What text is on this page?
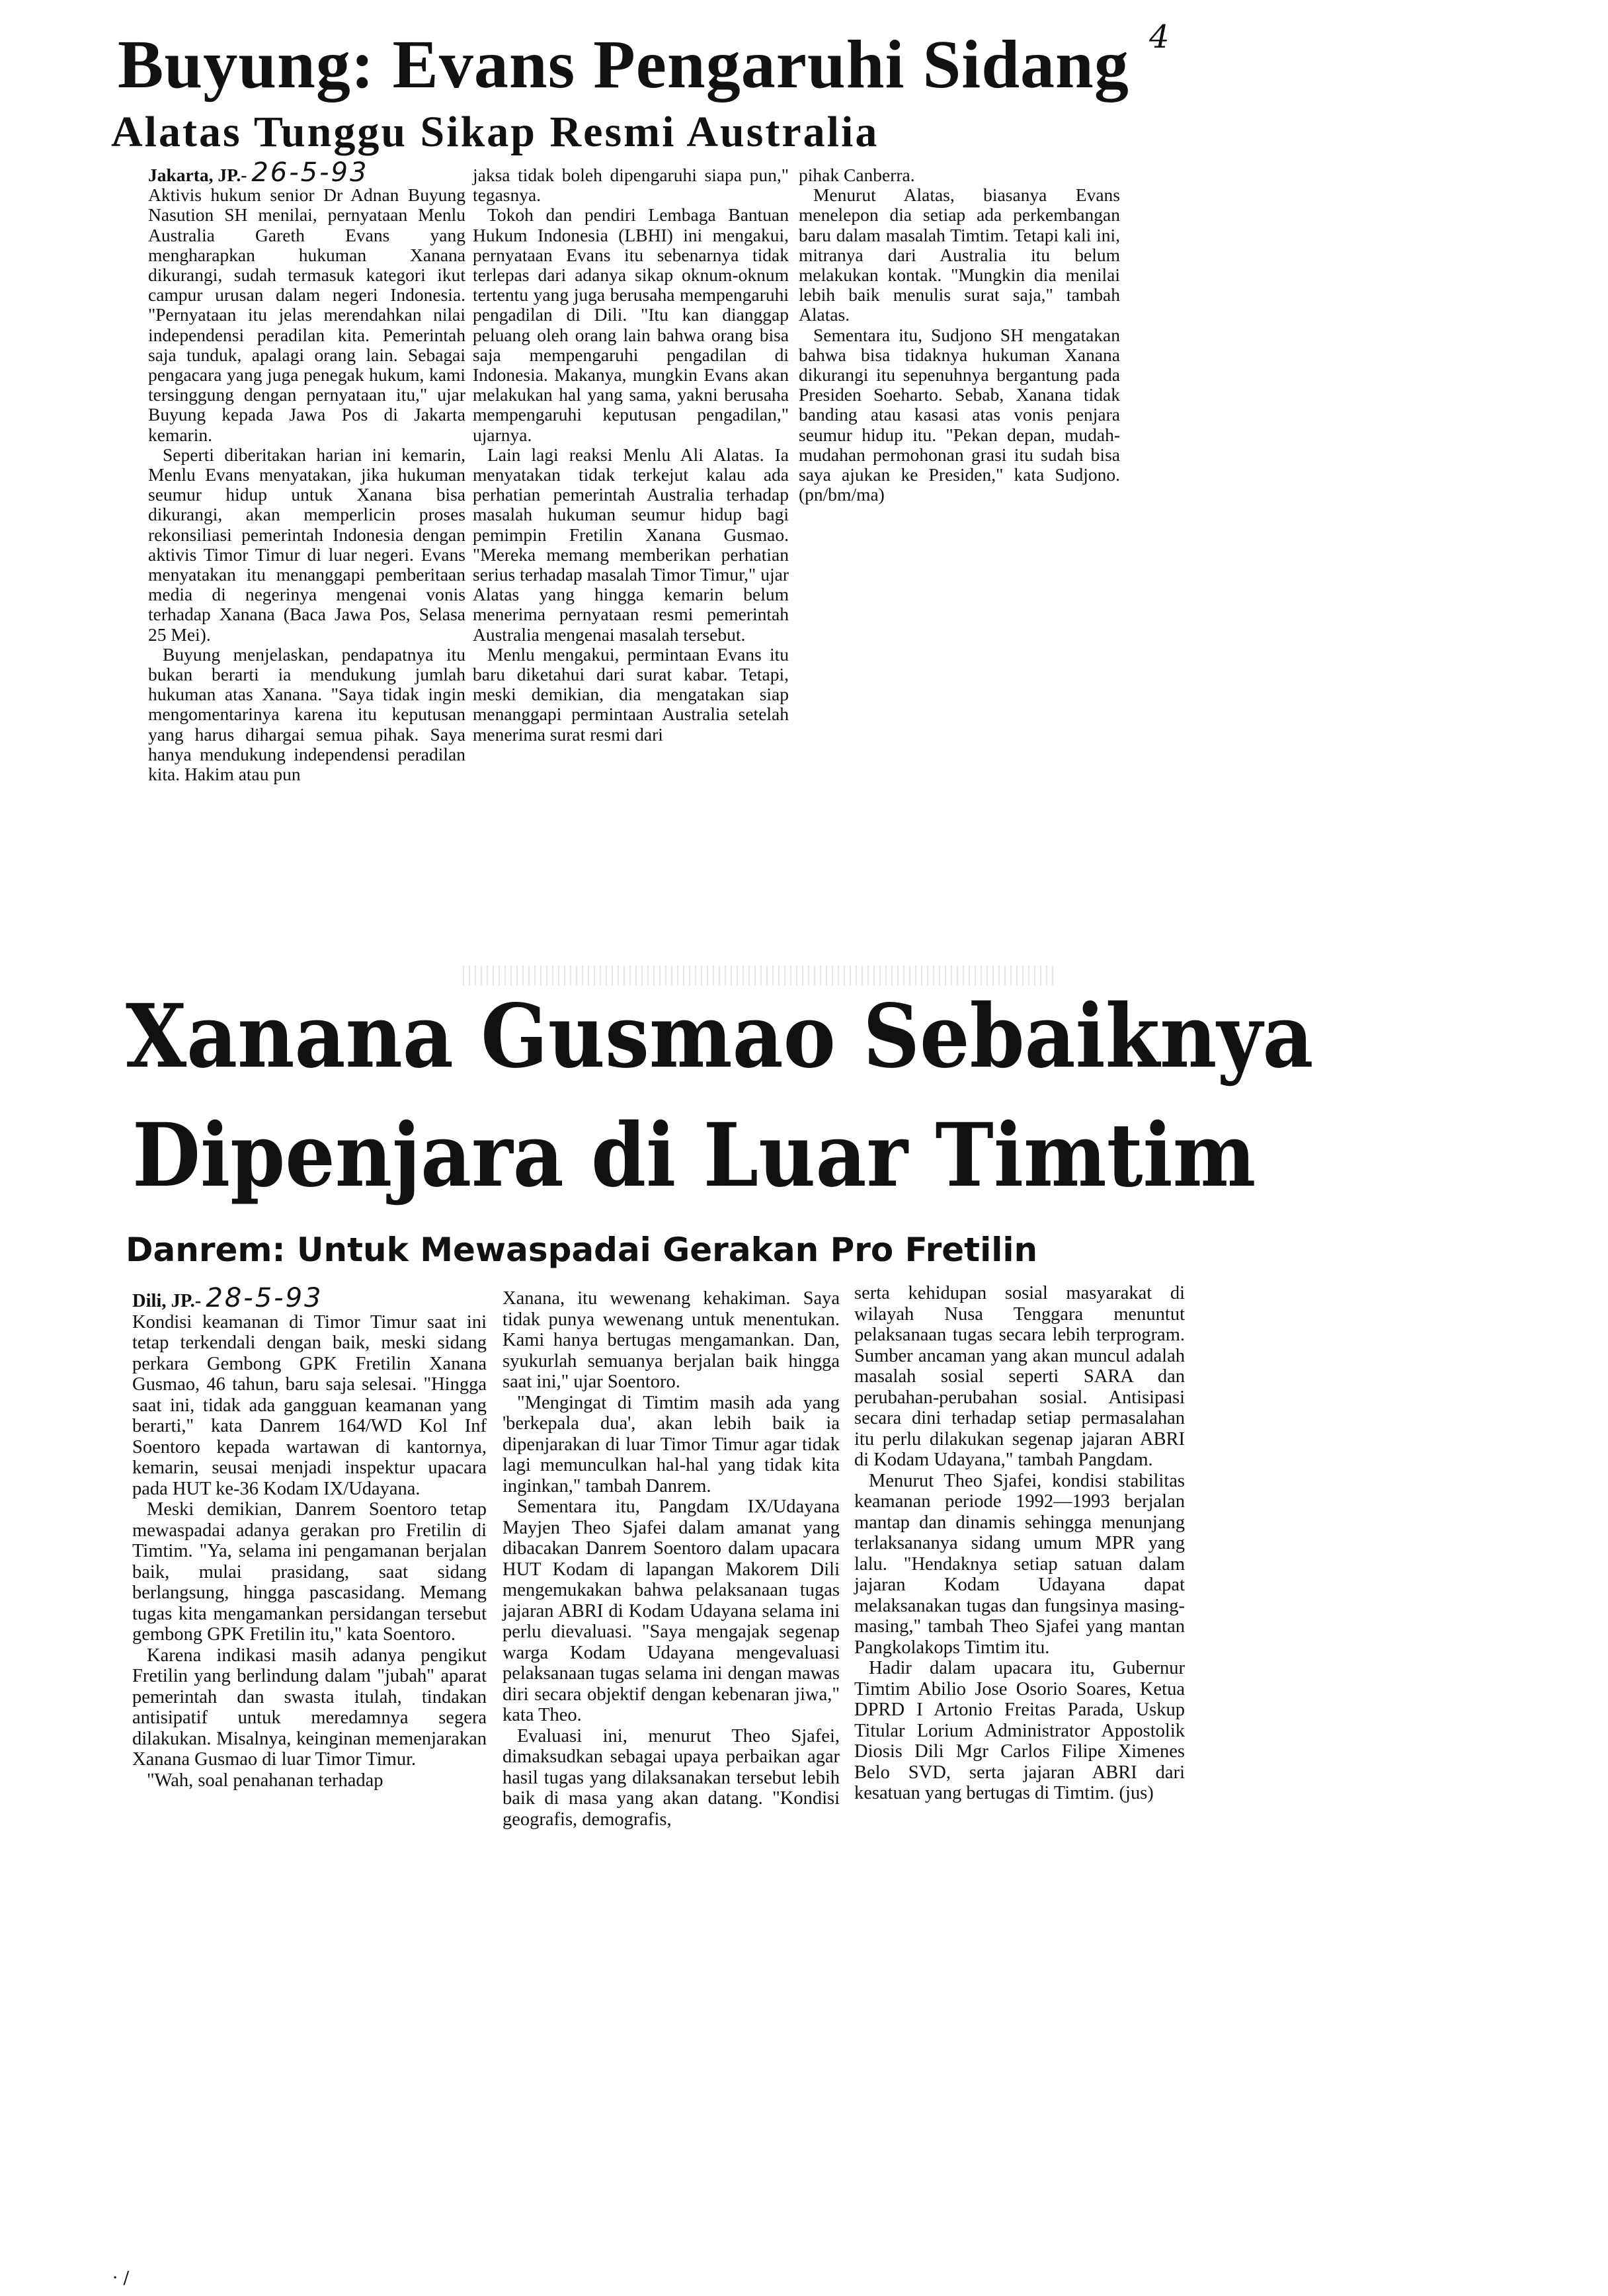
4
Buyung: Evans Pengaruhi Sidang
Alatas Tunggu Sikap Resmi Australia
Jakarta, JP.- 26-5-93

Aktivis hukum senior Dr Adnan Buyung Nasution SH menilai, pernyataan Menlu Australia Gareth Evans yang mengharapkan hukuman Xanana dikurangi, sudah termasuk kategori ikut campur urusan dalam negeri Indonesia. "Pernyataan itu jelas merendahkan nilai independensi peradilan kita. Pemerintah saja tunduk, apalagi orang lain. Sebagai pengacara yang juga penegak hukum, kami tersinggung dengan pernyataan itu," ujar Buyung kepada Jawa Pos di Jakarta kemarin.

Seperti diberitakan harian ini kemarin, Menlu Evans menyatakan, jika hukuman seumur hidup untuk Xanana bisa dikurangi, akan memperlicin proses rekonsiliasi pemerintah Indonesia dengan aktivis Timor Timur di luar negeri. Evans menyatakan itu menanggapi pemberitaan media di negerinya mengenai vonis terhadap Xanana (Baca Jawa Pos, Selasa 25 Mei).

Buyung menjelaskan, pendapatnya itu bukan berarti ia mendukung jumlah hukuman atas Xanana. "Saya tidak ingin mengomentarinya karena itu keputusan yang harus dihargai semua pihak. Saya hanya mendukung independensi peradilan kita. Hakim atau pun

jaksa tidak boleh dipengaruhi siapa pun," tegasnya.

Tokoh dan pendiri Lembaga Bantuan Hukum Indonesia (LBHI) ini mengakui, pernyataan Evans itu sebenarnya tidak terlepas dari adanya sikap oknum-oknum tertentu yang juga berusaha mempengaruhi pengadilan di Dili. "Itu kan dianggap peluang oleh orang lain bahwa orang bisa saja mempengaruhi pengadilan di Indonesia. Makanya, mungkin Evans akan melakukan hal yang sama, yakni berusaha mempengaruhi keputusan pengadilan," ujarnya.

Lain lagi reaksi Menlu Ali Alatas. Ia menyatakan tidak terkejut kalau ada perhatian pemerintah Australia terhadap masalah hukuman seumur hidup bagi pemimpin Fretilin Xanana Gusmao. "Mereka memang memberikan perhatian serius terhadap masalah Timor Timur," ujar Alatas yang hingga kemarin belum menerima pernyataan resmi pemerintah Australia mengenai masalah tersebut.

Menlu mengakui, permintaan Evans itu baru diketahui dari surat kabar. Tetapi, meski demikian, dia mengatakan siap menanggapi permintaan Australia setelah menerima surat resmi dari

pihak Canberra.

Menurut Alatas, biasanya Evans menelepon dia setiap ada perkembangan baru dalam masalah Timtim. Tetapi kali ini, mitranya dari Australia itu belum melakukan kontak. "Mungkin dia menilai lebih baik menulis surat saja," tambah Alatas.

Sementara itu, Sudjono SH mengatakan bahwa bisa tidaknya hukuman Xanana dikurangi itu sepenuhnya bergantung pada Presiden Soeharto. Sebab, Xanana tidak banding atau kasasi atas vonis penjara seumur hidup itu. "Pekan depan, mudah-mudahan permohonan grasi itu sudah bisa saya ajukan ke Presiden," kata Sudjono. (pn/bm/ma)

Xanana Gusmao Sebaiknya
Dipenjara di Luar Timtim
Danrem: Untuk Mewaspadai Gerakan Pro Fretilin
Dili, JP.- 28-5-93

Kondisi keamanan di Timor Timur saat ini tetap terkendali dengan baik, meski sidang perkara Gembong GPK Fretilin Xanana Gusmao, 46 tahun, baru saja selesai. "Hingga saat ini, tidak ada gangguan keamanan yang berarti," kata Danrem 164/WD Kol Inf Soentoro kepada wartawan di kantornya, kemarin, seusai menjadi inspektur upacara pada HUT ke-36 Kodam IX/Udayana.

Meski demikian, Danrem Soentoro tetap mewaspadai adanya gerakan pro Fretilin di Timtim. "Ya, selama ini pengamanan berjalan baik, mulai prasidang, saat sidang berlangsung, hingga pascasidang. Memang tugas kita mengamankan persidangan tersebut gembong GPK Fretilin itu," kata Soentoro.

Karena indikasi masih adanya pengikut Fretilin yang berlindung dalam "jubah" aparat pemerintah dan swasta itulah, tindakan antisipatif untuk meredamnya segera dilakukan. Misalnya, keinginan memenjarakan Xanana Gusmao di luar Timor Timur.

"Wah, soal penahanan terhadap

Xanana, itu wewenang kehakiman. Saya tidak punya wewenang untuk menentukan. Kami hanya bertugas mengamankan. Dan, syukurlah semuanya berjalan baik hingga saat ini," ujar Soentoro.

"Mengingat di Timtim masih ada yang 'berkepala dua', akan lebih baik ia dipenjarakan di luar Timor Timur agar tidak lagi memunculkan hal-hal yang tidak kita inginkan," tambah Danrem.

Sementara itu, Pangdam IX/Udayana Mayjen Theo Sjafei dalam amanat yang dibacakan Danrem Soentoro dalam upacara HUT Kodam di lapangan Makorem Dili mengemukakan bahwa pelaksanaan tugas jajaran ABRI di Kodam Udayana selama ini perlu dievaluasi. "Saya mengajak segenap warga Kodam Udayana mengevaluasi pelaksanaan tugas selama ini dengan mawas diri secara objektif dengan kebenaran jiwa," kata Theo.

Evaluasi ini, menurut Theo Sjafei, dimaksudkan sebagai upaya perbaikan agar hasil tugas yang dilaksanakan tersebut lebih baik di masa yang akan datang. "Kondisi geografis, demografis,

serta kehidupan sosial masyarakat di wilayah Nusa Tenggara menuntut pelaksanaan tugas secara lebih terprogram. Sumber ancaman yang akan muncul adalah masalah sosial seperti SARA dan perubahan-perubahan sosial. Antisipasi secara dini terhadap setiap permasalahan itu perlu dilakukan segenap jajaran ABRI di Kodam Udayana," tambah Pangdam.

Menurut Theo Sjafei, kondisi stabilitas keamanan periode 1992—1993 berjalan mantap dan dinamis sehingga menunjang terlaksananya sidang umum MPR yang lalu. "Hendaknya setiap satuan dalam jajaran Kodam Udayana dapat melaksanakan tugas dan fungsinya masing-masing," tambah Theo Sjafei yang mantan Pangkolakops Timtim itu.

Hadir dalam upacara itu, Gubernur Timtim Abilio Jose Osorio Soares, Ketua DPRD I Artonio Freitas Parada, Uskup Titular Lorium Administrator Appostolik Diosis Dili Mgr Carlos Filipe Ximenes Belo SVD, serta jajaran ABRI dari kesatuan yang bertugas di Timtim. (jus)

· /
